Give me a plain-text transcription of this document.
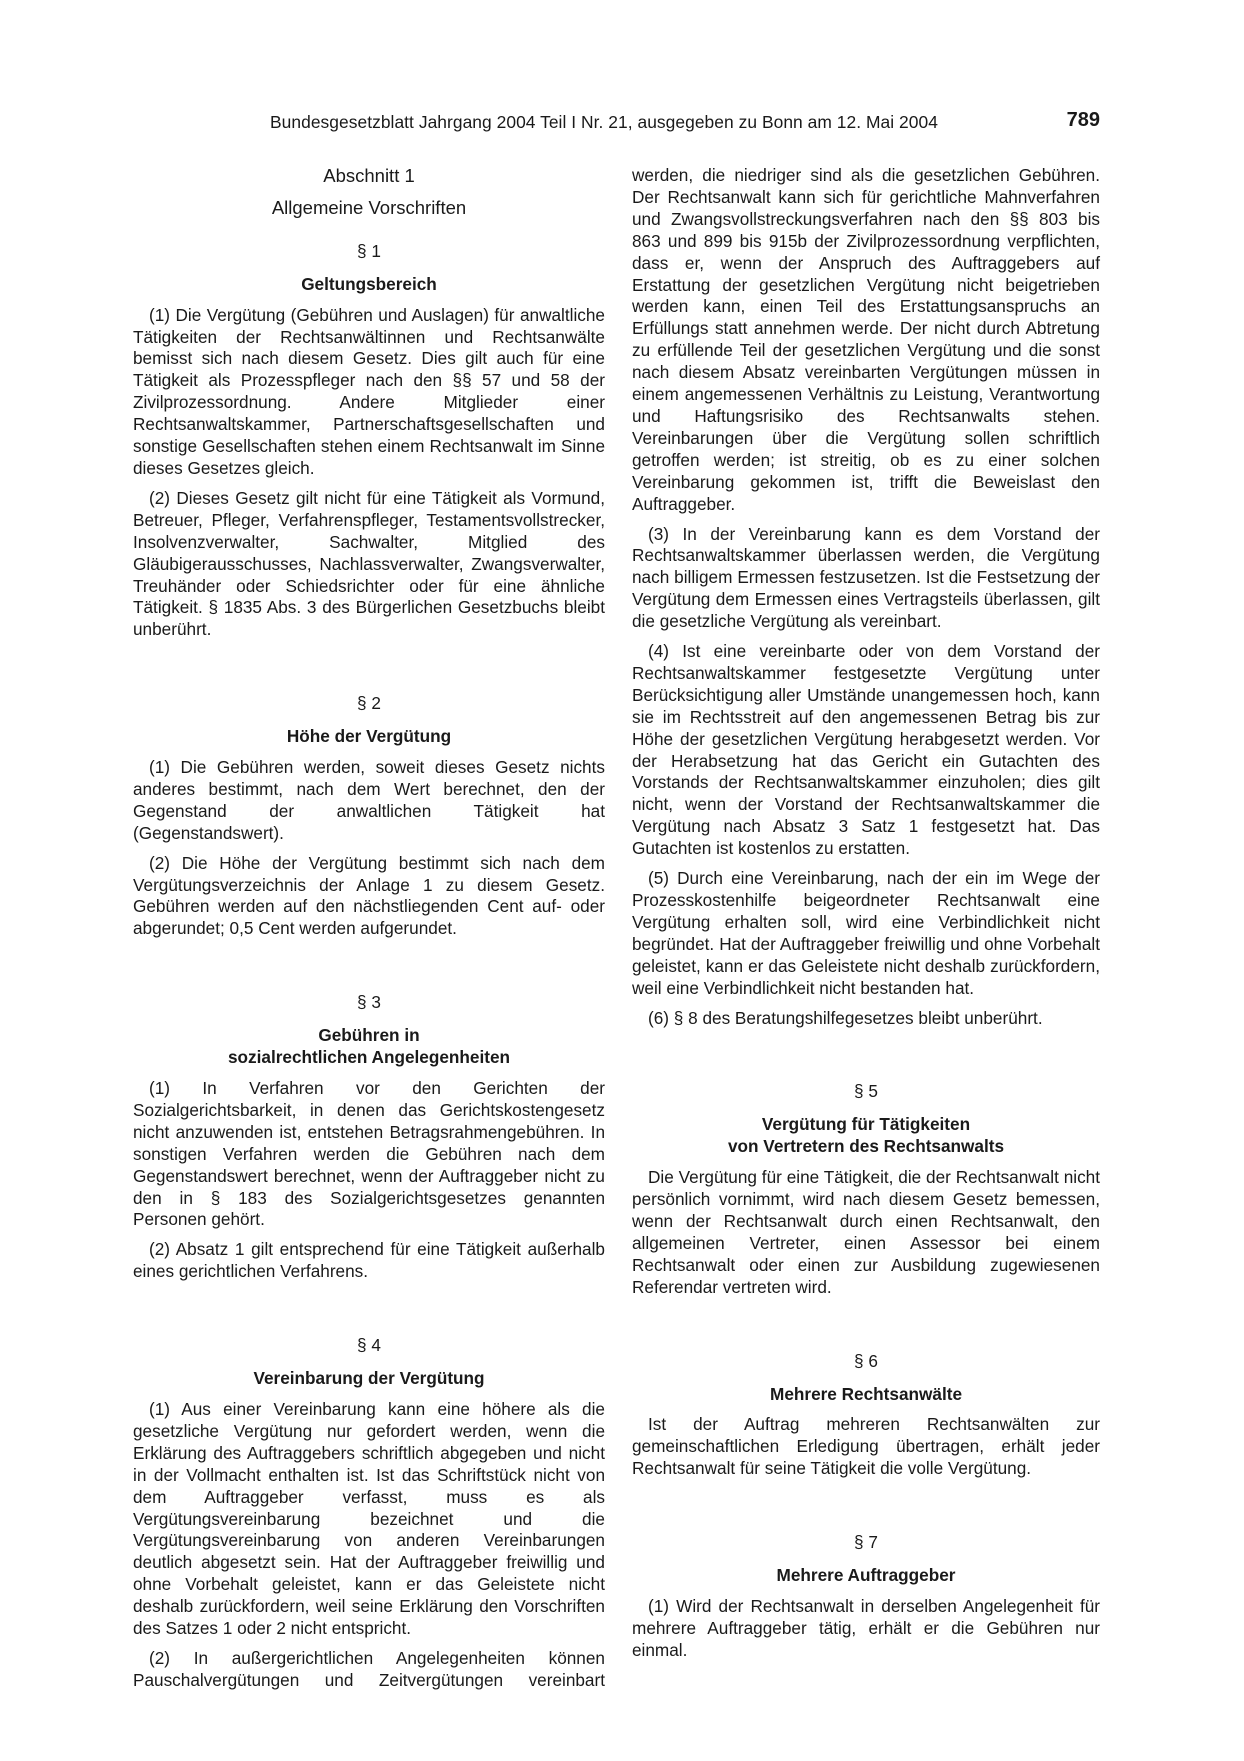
Bundesgesetzblatt Jahrgang 2004 Teil I Nr. 21, ausgegeben zu Bonn am 12. Mai 2004	789
Abschnitt 1
Allgemeine Vorschriften
§ 1
Geltungsbereich

(1) Die Vergütung (Gebühren und Auslagen) für anwaltliche Tätigkeiten der Rechtsanwältinnen und Rechtsanwälte bemisst sich nach diesem Gesetz. Dies gilt auch für eine Tätigkeit als Prozesspfleger nach den §§ 57 und 58 der Zivilprozessordnung. Andere Mitglieder einer Rechtsanwaltskammer, Partnerschaftsgesellschaften und sonstige Gesellschaften stehen einem Rechtsanwalt im Sinne dieses Gesetzes gleich.

(2) Dieses Gesetz gilt nicht für eine Tätigkeit als Vormund, Betreuer, Pfleger, Verfahrenspfleger, Testamentsvollstrecker, Insolvenzverwalter, Sachwalter, Mitglied des Gläubigerausschusses, Nachlassverwalter, Zwangsverwalter, Treuhänder oder Schiedsrichter oder für eine ähnliche Tätigkeit. § 1835 Abs. 3 des Bürgerlichen Gesetzbuchs bleibt unberührt.

§ 2
Höhe der Vergütung

(1) Die Gebühren werden, soweit dieses Gesetz nichts anderes bestimmt, nach dem Wert berechnet, den der Gegenstand der anwaltlichen Tätigkeit hat (Gegenstandswert).

(2) Die Höhe der Vergütung bestimmt sich nach dem Vergütungsverzeichnis der Anlage 1 zu diesem Gesetz. Gebühren werden auf den nächstliegenden Cent auf- oder abgerundet; 0,5 Cent werden aufgerundet.

§ 3
Gebühren in
sozialrechtlichen Angelegenheiten

(1) In Verfahren vor den Gerichten der Sozialgerichtsbarkeit, in denen das Gerichtskostengesetz nicht anzuwenden ist, entstehen Betragsrahmengebühren. In sonstigen Verfahren werden die Gebühren nach dem Gegenstandswert berechnet, wenn der Auftraggeber nicht zu den in § 183 des Sozialgerichtsgesetzes genannten Personen gehört.

(2) Absatz 1 gilt entsprechend für eine Tätigkeit außerhalb eines gerichtlichen Verfahrens.

§ 4
Vereinbarung der Vergütung

(1) Aus einer Vereinbarung kann eine höhere als die gesetzliche Vergütung nur gefordert werden, wenn die Erklärung des Auftraggebers schriftlich abgegeben und nicht in der Vollmacht enthalten ist. Ist das Schriftstück nicht von dem Auftraggeber verfasst, muss es als Vergütungsvereinbarung bezeichnet und die Vergütungsvereinbarung von anderen Vereinbarungen deutlich abgesetzt sein. Hat der Auftraggeber freiwillig und ohne Vorbehalt geleistet, kann er das Geleistete nicht deshalb zurückfordern, weil seine Erklärung den Vorschriften des Satzes 1 oder 2 nicht entspricht.

(2) In außergerichtlichen Angelegenheiten können Pauschalvergütungen und Zeitvergütungen vereinbart

werden, die niedriger sind als die gesetzlichen Gebühren. Der Rechtsanwalt kann sich für gerichtliche Mahnverfahren und Zwangsvollstreckungsverfahren nach den §§ 803 bis 863 und 899 bis 915b der Zivilprozessordnung verpflichten, dass er, wenn der Anspruch des Auftraggebers auf Erstattung der gesetzlichen Vergütung nicht beigetrieben werden kann, einen Teil des Erstattungsanspruchs an Erfüllungs statt annehmen werde. Der nicht durch Abtretung zu erfüllende Teil der gesetzlichen Vergütung und die sonst nach diesem Absatz vereinbarten Vergütungen müssen in einem angemessenen Verhältnis zu Leistung, Verantwortung und Haftungsrisiko des Rechtsanwalts stehen. Vereinbarungen über die Vergütung sollen schriftlich getroffen werden; ist streitig, ob es zu einer solchen Vereinbarung gekommen ist, trifft die Beweislast den Auftraggeber.

(3) In der Vereinbarung kann es dem Vorstand der Rechtsanwaltskammer überlassen werden, die Vergütung nach billigem Ermessen festzusetzen. Ist die Festsetzung der Vergütung dem Ermessen eines Vertragsteils überlassen, gilt die gesetzliche Vergütung als vereinbart.

(4) Ist eine vereinbarte oder von dem Vorstand der Rechtsanwaltskammer festgesetzte Vergütung unter Berücksichtigung aller Umstände unangemessen hoch, kann sie im Rechtsstreit auf den angemessenen Betrag bis zur Höhe der gesetzlichen Vergütung herabgesetzt werden. Vor der Herabsetzung hat das Gericht ein Gutachten des Vorstands der Rechtsanwaltskammer einzuholen; dies gilt nicht, wenn der Vorstand der Rechtsanwaltskammer die Vergütung nach Absatz 3 Satz 1 festgesetzt hat. Das Gutachten ist kostenlos zu erstatten.

(5) Durch eine Vereinbarung, nach der ein im Wege der Prozesskostenhilfe beigeordneter Rechtsanwalt eine Vergütung erhalten soll, wird eine Verbindlichkeit nicht begründet. Hat der Auftraggeber freiwillig und ohne Vorbehalt geleistet, kann er das Geleistete nicht deshalb zurückfordern, weil eine Verbindlichkeit nicht bestanden hat.

(6) § 8 des Beratungshilfegesetzes bleibt unberührt.

§ 5
Vergütung für Tätigkeiten
von Vertretern des Rechtsanwalts

Die Vergütung für eine Tätigkeit, die der Rechtsanwalt nicht persönlich vornimmt, wird nach diesem Gesetz bemessen, wenn der Rechtsanwalt durch einen Rechtsanwalt, den allgemeinen Vertreter, einen Assessor bei einem Rechtsanwalt oder einen zur Ausbildung zugewiesenen Referendar vertreten wird.

§ 6
Mehrere Rechtsanwälte

Ist der Auftrag mehreren Rechtsanwälten zur gemeinschaftlichen Erledigung übertragen, erhält jeder Rechtsanwalt für seine Tätigkeit die volle Vergütung.

§ 7
Mehrere Auftraggeber

(1) Wird der Rechtsanwalt in derselben Angelegenheit für mehrere Auftraggeber tätig, erhält er die Gebühren nur einmal.
